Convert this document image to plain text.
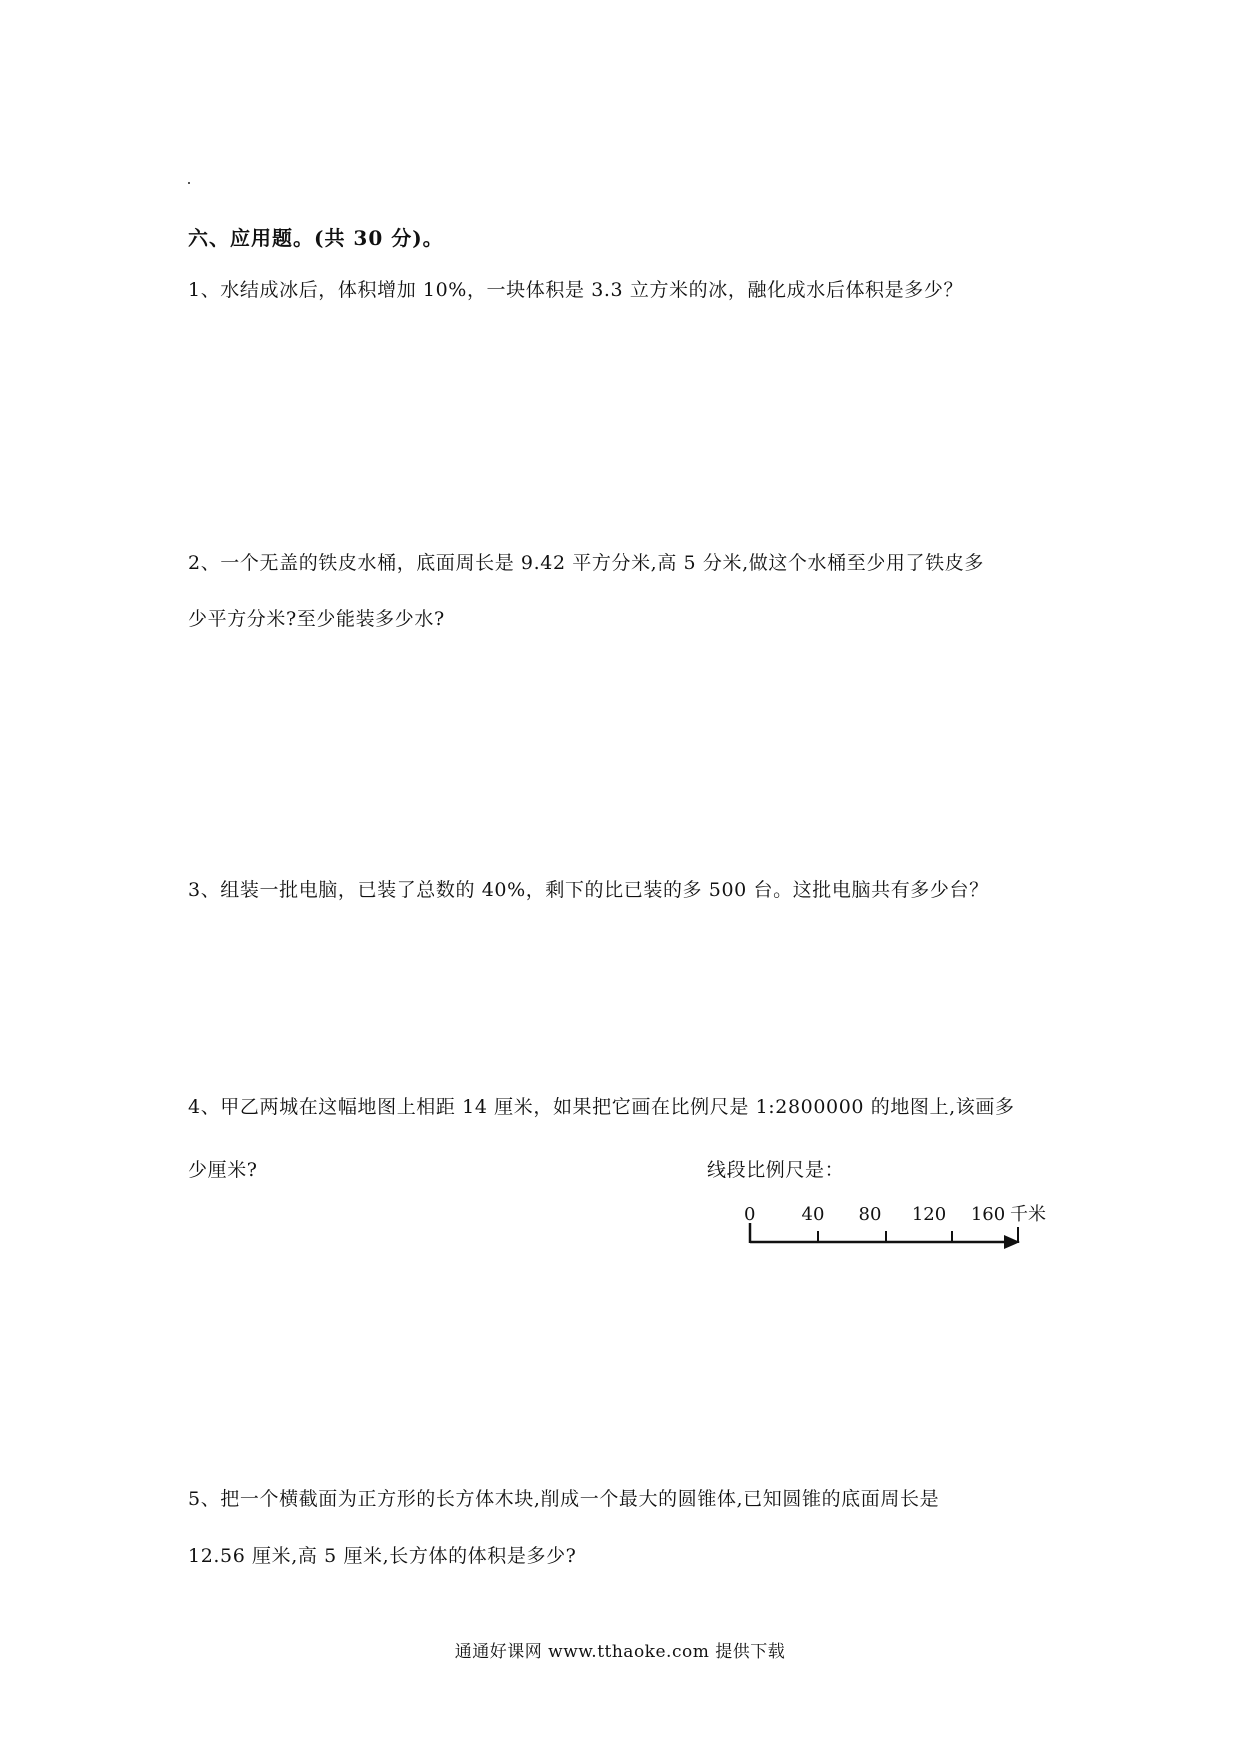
六、应用题。(共 30 分)。
1、水结成冰后，体积增加 10%，一块体积是 3.3 立方米的冰，融化成水后体积是多少？
2、一个无盖的铁皮水桶，底面周长是 9.42 平方分米,高 5 分米,做这个水桶至少用了铁皮多
少平方分米?至少能装多少水?
3、组装一批电脑，已装了总数的 40%，剩下的比已装的多 500 台。这批电脑共有多少台？
4、甲乙两城在这幅地图上相距 14 厘米，如果把它画在比例尺是 1:2800000 的地图上,该画多
少厘米?	线段比例尺是：
0	40 80 120 160 千米
5、把一个横截面为正方形的长方体木块,削成一个最大的圆锥体,已知圆锥的底面周长是
12.56 厘米,高 5 厘米,长方体的体积是多少?
通通好课网 www.tthaoke.com 提供下载
